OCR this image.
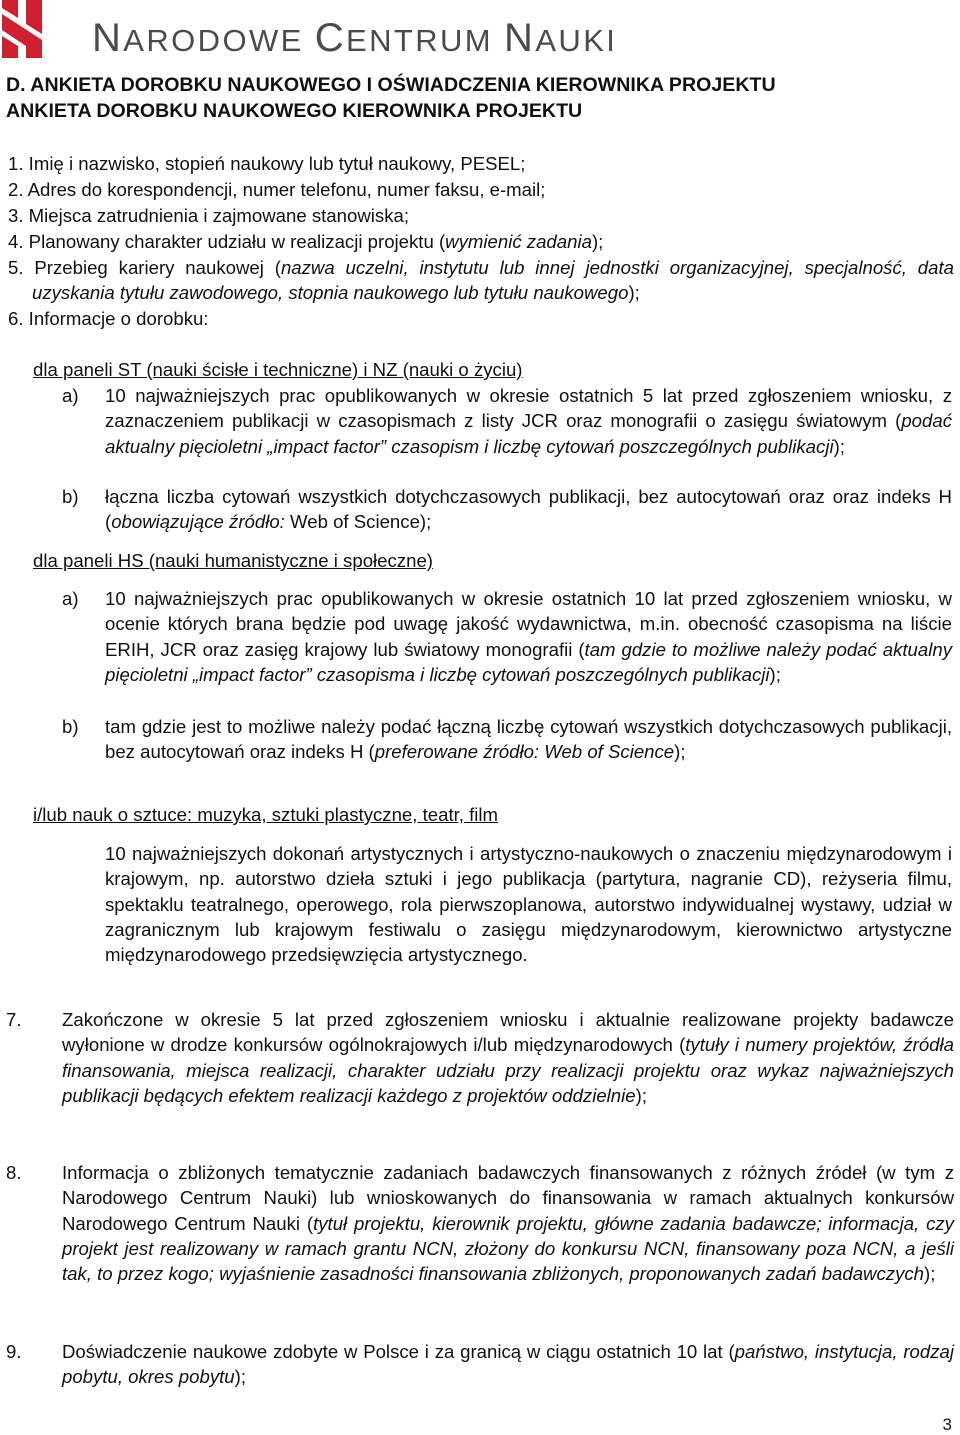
NARODOWE CENTRUM NAUKI
D. ANKIETA DOROBKU NAUKOWEGO I OŚWIADCZENIA KIEROWNIKA PROJEKTU
ANKIETA DOROBKU NAUKOWEGO KIEROWNIKA PROJEKTU
1. Imię i nazwisko, stopień naukowy lub tytuł naukowy, PESEL;
2. Adres do korespondencji, numer telefonu, numer faksu, e-mail;
3. Miejsca zatrudnienia i zajmowane stanowiska;
4. Planowany charakter udziału w realizacji projektu (wymienić zadania);
5. Przebieg kariery naukowej (nazwa uczelni, instytutu lub innej jednostki organizacyjnej, specjalność, data uzyskania tytułu zawodowego, stopnia naukowego lub tytułu naukowego);
6. Informacje o dorobku:
dla paneli ST (nauki ścisłe i techniczne) i NZ (nauki o życiu)
a) 10 najważniejszych prac opublikowanych w okresie ostatnich 5 lat przed zgłoszeniem wniosku, z zaznaczeniem publikacji w czasopismach z listy JCR oraz monografii o zasięgu światowym (podać aktualny pięcioletni „impact factor” czasopism i liczbę cytowań poszczególnych publikacji);
b) łączna liczba cytowań wszystkich dotychczasowych publikacji, bez autocytowań oraz oraz indeks H (obowiązujące źródło: Web of Science);
dla paneli HS (nauki humanistyczne i społeczne)
a) 10 najważniejszych prac opublikowanych w okresie ostatnich 10 lat przed zgłoszeniem wniosku, w ocenie których brana będzie pod uwagę jakość wydawnictwa, m.in. obecność czasopisma na liście ERIH, JCR oraz zasięg krajowy lub światowy monografii (tam gdzie to możliwe należy podać aktualny pięcioletni „impact factor” czasopisma i liczbę cytowań poszczególnych publikacji);
b) tam gdzie jest to możliwe należy podać łączną liczbę cytowań wszystkich dotychczasowych publikacji, bez autocytowań oraz indeks H (preferowane źródło: Web of Science);
i/lub nauk o sztuce: muzyka, sztuki plastyczne, teatr, film
10 najważniejszych dokonań artystycznych i artystyczno-naukowych o znaczeniu międzynarodowym i krajowym, np. autorstwo dzieła sztuki i jego publikacja (partytura, nagranie CD), reżyseria filmu, spektaklu teatralnego, operowego, rola pierwszoplanowa, autorstwo indywidualnej wystawy, udział w zagranicznym lub krajowym festiwalu o zasięgu międzynarodowym, kierownictwo artystyczne międzynarodowego przedsięwzięcia artystycznego.
7. Zakończone w okresie 5 lat przed zgłoszeniem wniosku i aktualnie realizowane projekty badawcze wyłonione w drodze konkursów ogólnokrajowych i/lub międzynarodowych (tytuły i numery projektów, źródła finansowania, miejsca realizacji, charakter udziału przy realizacji projektu oraz wykaz najważniejszych publikacji będących efektem realizacji każdego z projektów oddzielnie);
8. Informacja o zbliżonych tematycznie zadaniach badawczych finansowanych z różnych źródeł (w tym z Narodowego Centrum Nauki) lub wnioskowanych do finansowania w ramach aktualnych konkursów Narodowego Centrum Nauki (tytuł projektu, kierownik projektu, główne zadania badawcze; informacja, czy projekt jest realizowany w ramach grantu NCN, złożony do konkursu NCN, finansowany poza NCN, a jeśli tak, to przez kogo; wyjaśnienie zasadności finansowania zbliżonych, proponowanych zadań badawczych);
9. Doświadczenie naukowe zdobyte w Polsce i za granicą w ciągu ostatnich 10 lat (państwo, instytucja, rodzaj pobytu, okres pobytu);
3
